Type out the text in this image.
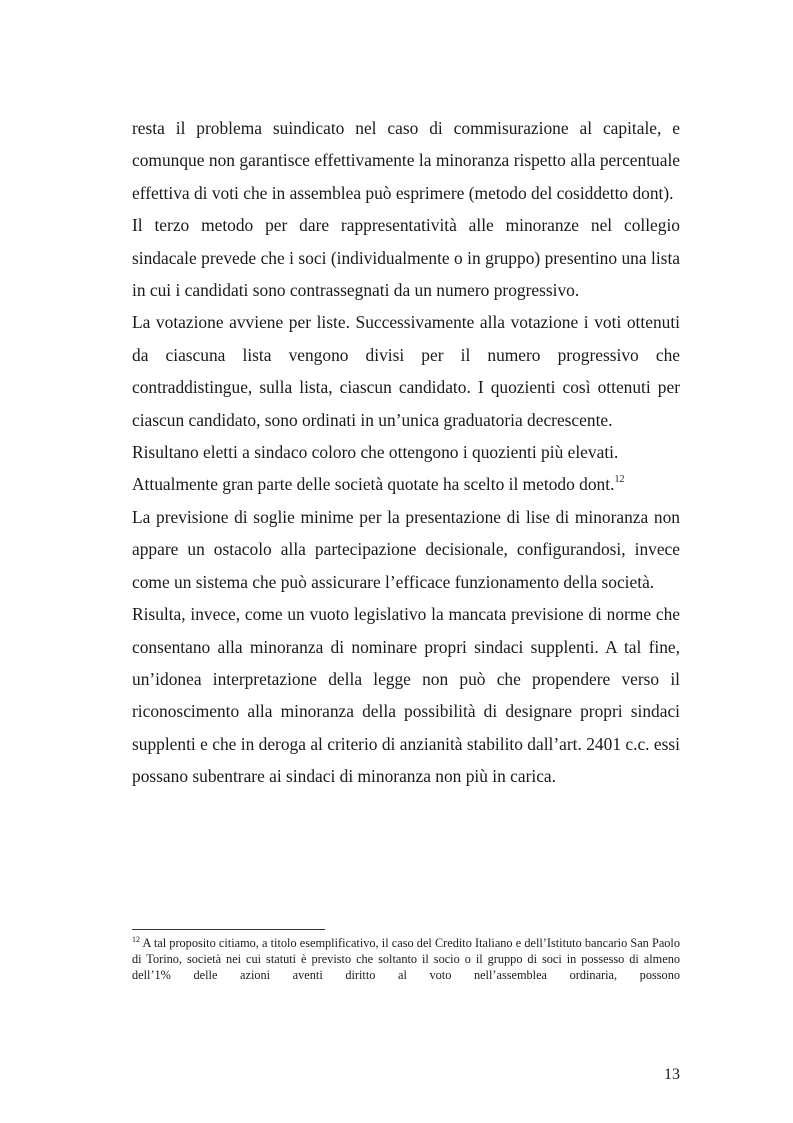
resta il problema suindicato nel caso di commisurazione al capitale, e comunque non garantisce effettivamente la minoranza rispetto alla percentuale effettiva di voti che in assemblea può esprimere (metodo del cosiddetto dont).

Il terzo metodo per dare rappresentatività alle minoranze nel collegio sindacale prevede che i soci (individualmente o in gruppo) presentino una lista in cui i candidati sono contrassegnati da un numero progressivo.

La votazione avviene per liste. Successivamente alla votazione i voti ottenuti da ciascuna lista vengono divisi per il numero progressivo che contraddistingue, sulla lista, ciascun candidato. I quozienti così ottenuti per ciascun candidato, sono ordinati in un’unica graduatoria decrescente.

Risultano eletti a sindaco coloro che ottengono i quozienti più elevati.

Attualmente gran parte delle società quotate ha scelto il metodo dont.$^{12}$

La previsione di soglie minime per la presentazione di lise di minoranza non appare un ostacolo alla partecipazione decisionale, configurandosi, invece come un sistema che può assicurare l’efficace funzionamento della società.

Risulta, invece, come un vuoto legislativo la mancata previsione di norme che consentano alla minoranza di nominare propri sindaci supplenti. A tal fine, un’idonea interpretazione della legge non può che propendere verso il riconoscimento alla minoranza della possibilità di designare propri sindaci supplenti e che in deroga al criterio di anzianità stabilito dall’art. 2401 c.c. essi possano subentrare ai sindaci di minoranza non più in carica.

$^{12}$ A tal proposito citiamo, a titolo esemplificativo, il caso del Credito Italiano e dell’Istituto bancario San Paolo di Torino, società nei cui statuti è previsto che soltanto il socio o il gruppo di soci in possesso di almeno dell’1% delle azioni aventi diritto al voto nell’assemblea ordinaria, possono
13
